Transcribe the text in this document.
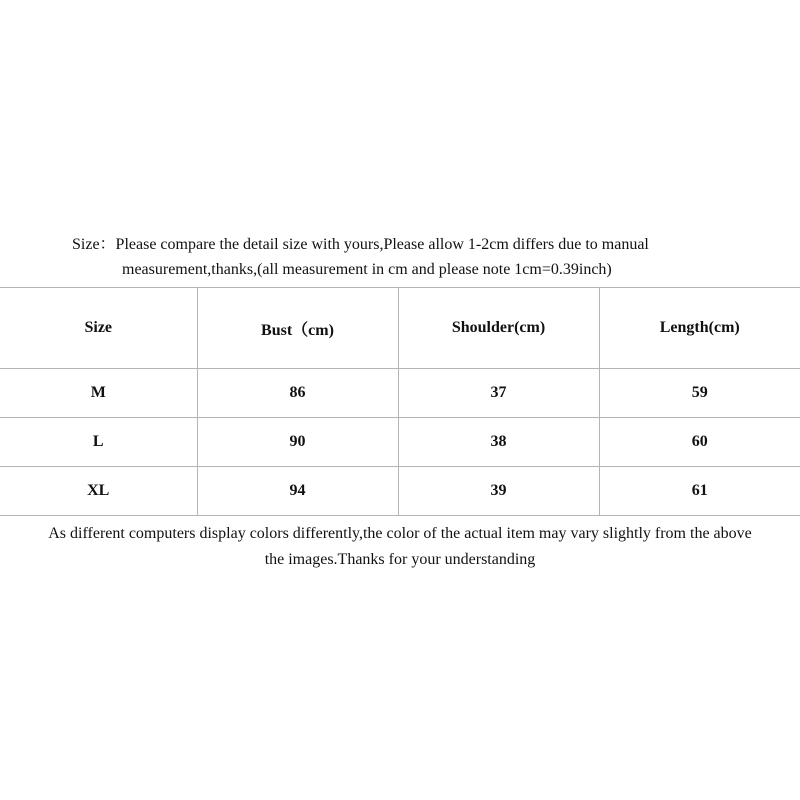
Size：Please compare the detail size with yours,Please allow 1-2cm differs due to manual
measurement,thanks,(all measurement in cm and please note 1cm=0.39inch)
Size	Bust（cm)	Shoulder(cm)	Length(cm)
M	86	37	59
L	90	38	60
XL	94	39	61
As different computers display colors differently,the color of the actual item may vary slightly from the above
the images.Thanks for your understanding
